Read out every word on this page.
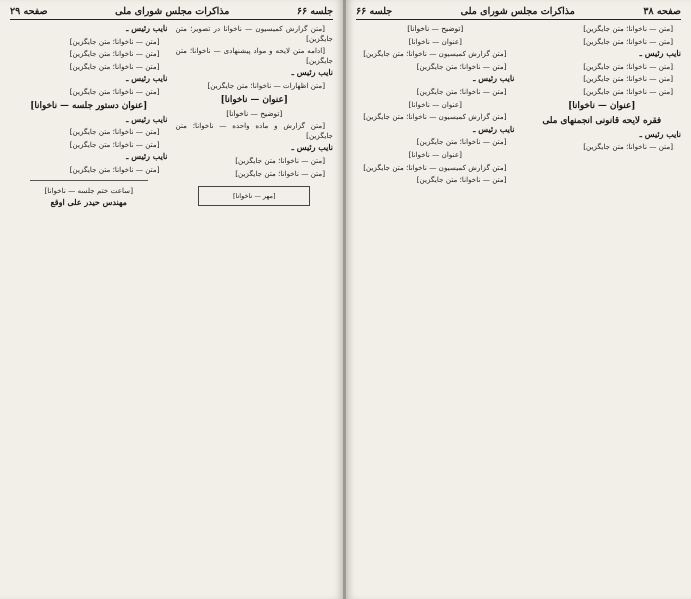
جلسه ۶۶
مذاکرات مجلس شورای ملی
صفحه ۲۹

[متن گزارش کمیسیون — ناخوانا در تصویر؛ متن جایگزین]

[ادامه متن لایحه و مواد پیشنهادی — ناخوانا؛ متن جایگزین]

نایب رئیس ـ

[متن اظهارات — ناخوانا؛ متن جایگزین]

[عنوان — ناخوانا]

[توضیح — ناخوانا]

[متن گزارش و ماده واحده — ناخوانا؛ متن جایگزین]

نایب رئیس ـ

[متن — ناخوانا؛ متن جایگزین]

[متن — ناخوانا؛ متن جایگزین]

[مهر — ناخوانا]

نایب رئیس ـ

[متن — ناخوانا؛ متن جایگزین]

[متن — ناخوانا؛ متن جایگزین]

[متن — ناخوانا؛ متن جایگزین]

نایب رئیس ـ

[متن — ناخوانا؛ متن جایگزین]

[عنوان دستور جلسه — ناخوانا]

نایب رئیس ـ

[متن — ناخوانا؛ متن جایگزین]

[متن — ناخوانا؛ متن جایگزین]

نایب رئیس ـ

[متن — ناخوانا؛ متن جایگزین]

[ساعت ختم جلسه — ناخوانا]

مهندس حیدر علی اوقع

صفحه ۳۸
مذاکرات مجلس شورای ملی
جلسه ۶۶

[متن — ناخوانا؛ متن جایگزین]

[متن — ناخوانا؛ متن جایگزین]

نایب رئیس ـ

[متن — ناخوانا؛ متن جایگزین]

[متن — ناخوانا؛ متن جایگزین]

[متن — ناخوانا؛ متن جایگزین]

[عنوان — ناخوانا]

فقره لایحه قانونی انجمنهای ملی

نایب رئیس ـ

[متن — ناخوانا؛ متن جایگزین]

[توضیح — ناخوانا]

[عنوان — ناخوانا]

[متن گزارش کمیسیون — ناخوانا؛ متن جایگزین]

[متن — ناخوانا؛ متن جایگزین]

نایب رئیس ـ

[متن — ناخوانا؛ متن جایگزین]

[عنوان — ناخوانا]

[متن گزارش کمیسیون — ناخوانا؛ متن جایگزین]

نایب رئیس ـ

[متن — ناخوانا؛ متن جایگزین]

[عنوان — ناخوانا]

[متن گزارش کمیسیون — ناخوانا؛ متن جایگزین]

[متن — ناخوانا؛ متن جایگزین]
